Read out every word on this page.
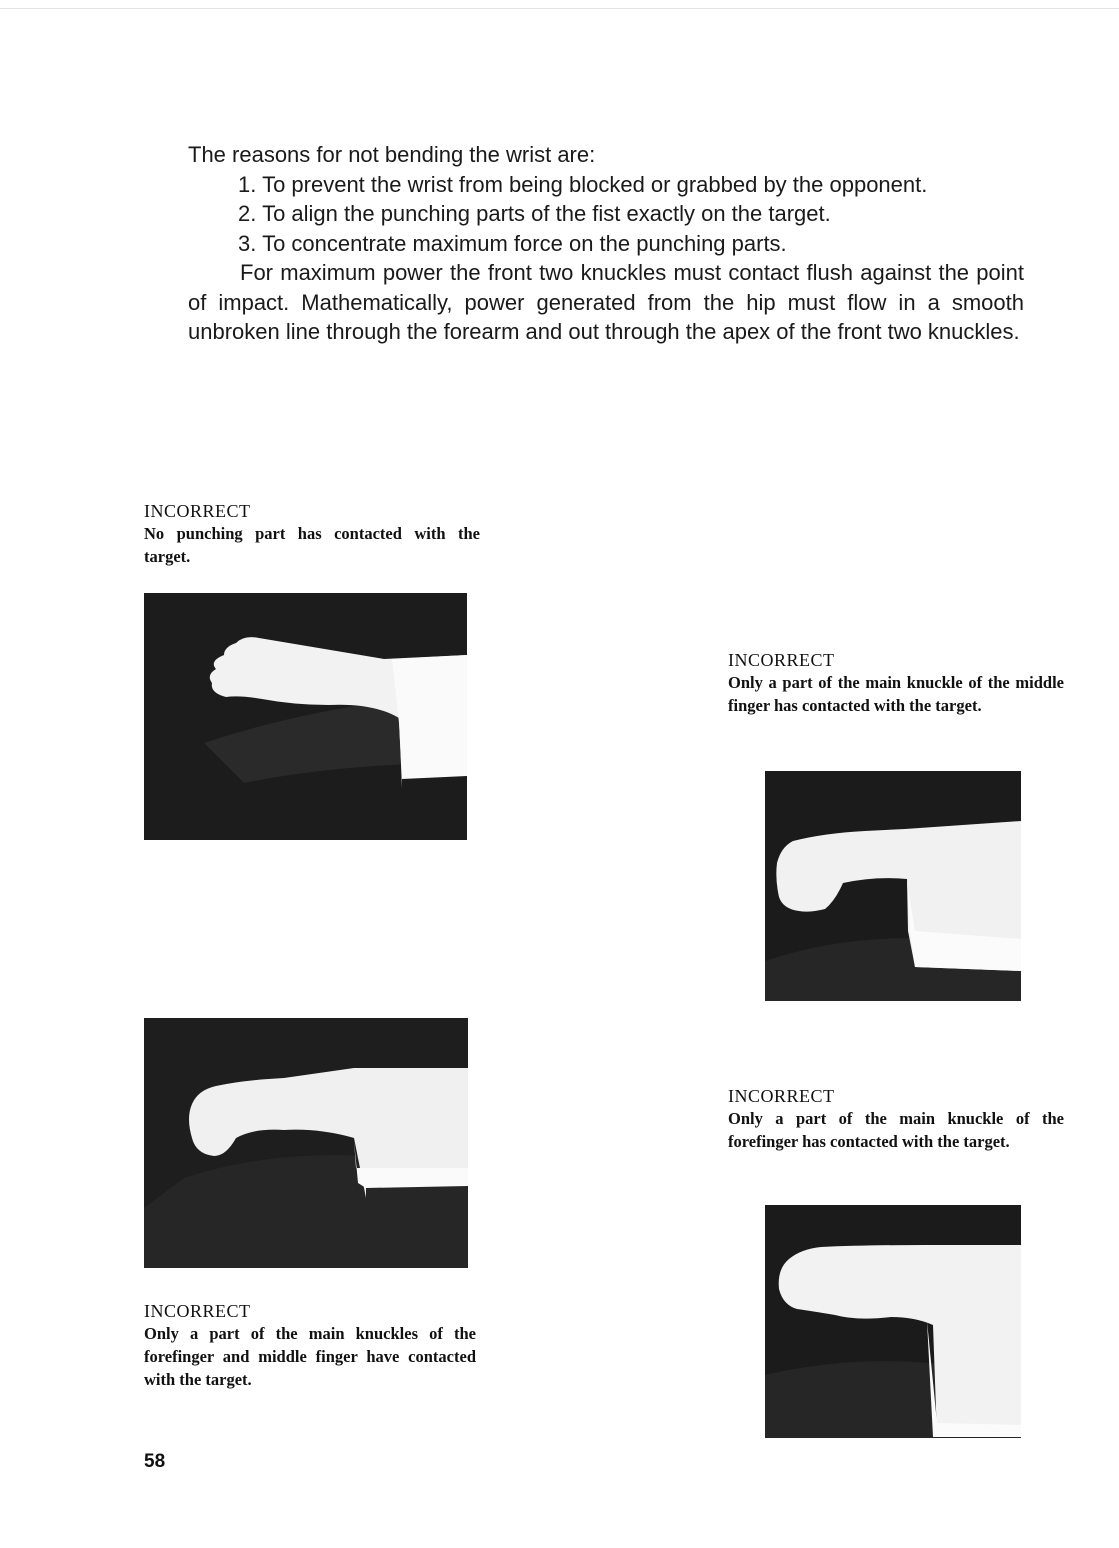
The reasons for not bending the wrist are:

1. To prevent the wrist from being blocked or grabbed by the opponent.

2. To align the punching parts of the fist exactly on the target.

3. To concentrate maximum force on the punching parts.

For maximum power the front two knuckles must contact flush against the point of impact. Mathematically, power generated from the hip must flow in a smooth unbroken line through the forearm and out through the apex of the front two knuckles.

INCORRECT
No punching part has contacted with the target.
INCORRECT
Only a part of the main knuckle of the middle finger has contacted with the target.
INCORRECT
Only a part of the main knuckles of the forefinger and middle finger have contacted with the target.
INCORRECT
Only a part of the main knuckle of the forefinger has contacted with the target.
58
